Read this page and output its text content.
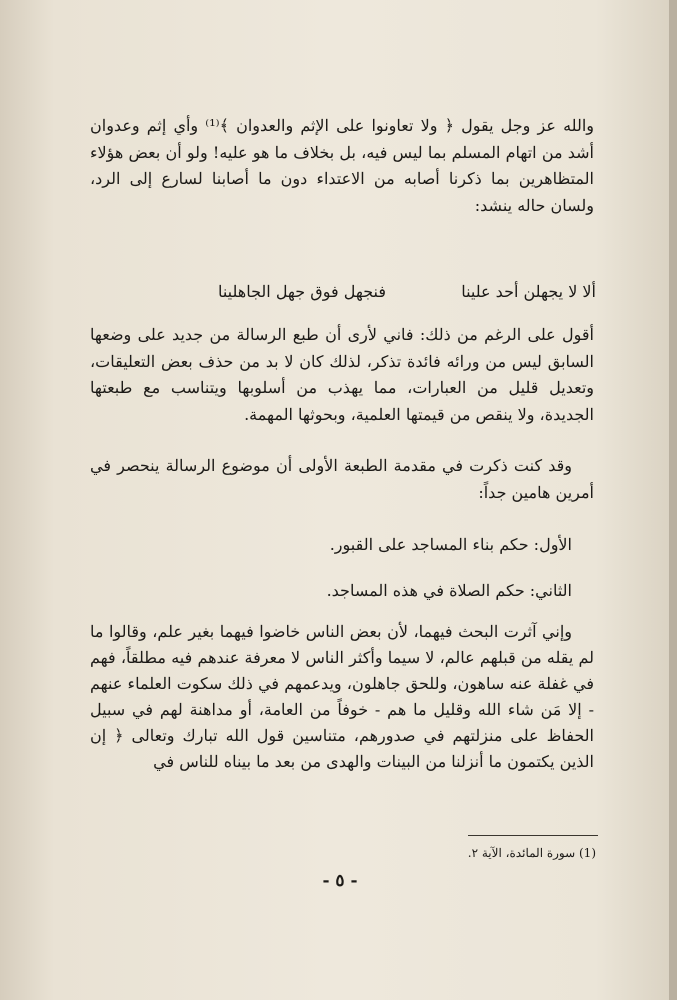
والله عز وجل يقول ﴿ ولا تعاونوا على الإثم والعدوان ﴾⁽¹⁾ وأي إثم وعدوان أشد من اتهام المسلم بما ليس فيه، بل بخلاف ما هو عليه! ولو أن بعض هؤلاء المتظاهرين بما ذكرنا أصابه من الاعتداء دون ما أصابنا لسارع إلى الرد، ولسان حاله ينشد:

ألا لا يجهلن أحد علينا
فنجهل فوق جهل الجاهلينا

أقول على الرغم من ذلك: فاني لأرى أن طبع الرسالة من جديد على وضعها السابق ليس من ورائه فائدة تذكر، لذلك كان لا بد من حذف بعض التعليقات، وتعديل قليل من العبارات، مما يهذب من أسلوبها ويتناسب مع طبعتها الجديدة، ولا ينقص من قيمتها العلمية، وبحوثها المهمة.

وقد كنت ذكرت في مقدمة الطبعة الأولى أن موضوع الرسالة ينحصر في أمرين هامين جداً:

الأول: حكم بناء المساجد على القبور.

الثاني: حكم الصلاة في هذه المساجد.

وإني آثرت البحث فيهما، لأن بعض الناس خاضوا فيهما بغير علم، وقالوا ما لم يقله من قبلهم عالم، لا سيما وأكثر الناس لا معرفة عندهم فيه مطلقاً، فهم في غفلة عنه ساهون، وللحق جاهلون، ويدعمهم في ذلك سكوت العلماء عنهم - إلا مَن شاء الله وقليل ما هم - خوفاً من العامة، أو مداهنة لهم في سبيل الحفاظ على منزلتهم في صدورهم، متناسين قول الله تبارك وتعالى ﴿ إن الذين يكتمون ما أنزلنا من البينات والهدى من بعد ما بيناه للناس في

(1) سورة المائدة، الآية ٢.

- ٥ -
